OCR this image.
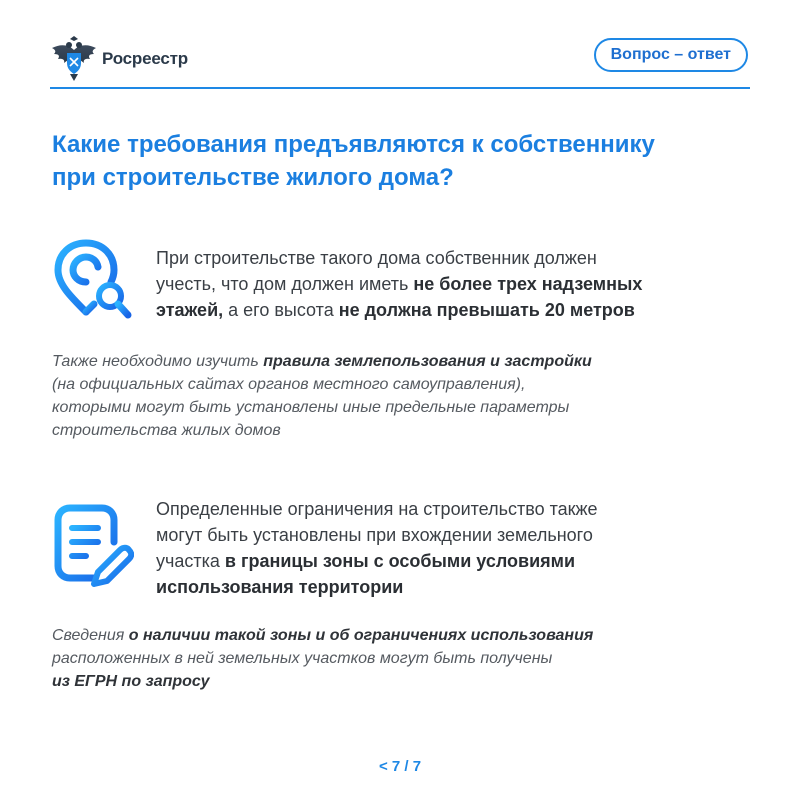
Росреестр	Вопрос – ответ
Какие требования предъявляются к собственнику
при строительстве жилого дома?
При строительстве такого дома собственник должен
учесть, что дом должен иметь не более трех надземных
этажей, а его высота не должна превышать 20 метров
Также необходимо изучить правила землепользования и застройки
(на официальных сайтах органов местного самоуправления),
которыми могут быть установлены иные предельные параметры
строительства жилых домов
Определенные ограничения на строительство также
могут быть установлены при вхождении земельного
участка в границы зоны с особыми условиями
использования территории
Сведения о наличии такой зоны и об ограничениях использования
расположенных в ней земельных участков могут быть получены
из ЕГРН по запросу
< 7 / 7
